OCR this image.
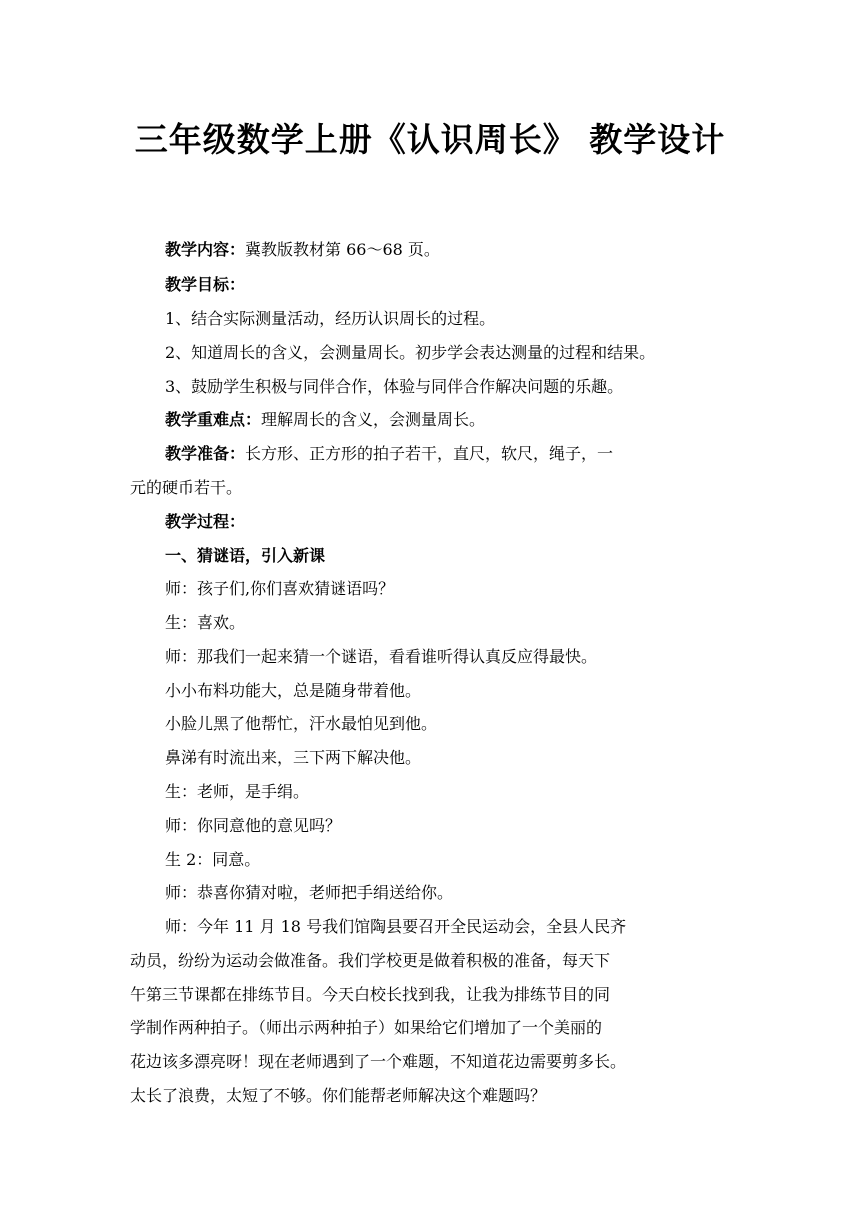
三年级数学上册《认识周长》 教学设计
教学内容：冀教版教材第 66～68 页。
教学目标：
1、结合实际测量活动，经历认识周长的过程。
2、知道周长的含义，会测量周长。初步学会表达测量的过程和结果。
3、鼓励学生积极与同伴合作，体验与同伴合作解决问题的乐趣。
教学重难点：理解周长的含义，会测量周长。
教学准备：长方形、正方形的拍子若干，直尺，软尺，绳子，一
元的硬币若干。
教学过程：
一、猜谜语，引入新课
师：孩子们,你们喜欢猜谜语吗？
生：喜欢。
师：那我们一起来猜一个谜语，看看谁听得认真反应得最快。
小小布料功能大，总是随身带着他。
小脸儿黑了他帮忙，汗水最怕见到他。
鼻涕有时流出来，三下两下解决他。
生：老师，是手绢。
师：你同意他的意见吗？
生 2：同意。
师：恭喜你猜对啦，老师把手绢送给你。
师：今年 11 月 18 号我们馆陶县要召开全民运动会，全县人民齐
动员，纷纷为运动会做准备。我们学校更是做着积极的准备，每天下
午第三节课都在排练节目。今天白校长找到我，让我为排练节目的同
学制作两种拍子。（师出示两种拍子）如果给它们增加了一个美丽的
花边该多漂亮呀！现在老师遇到了一个难题，不知道花边需要剪多长。
太长了浪费，太短了不够。你们能帮老师解决这个难题吗？
